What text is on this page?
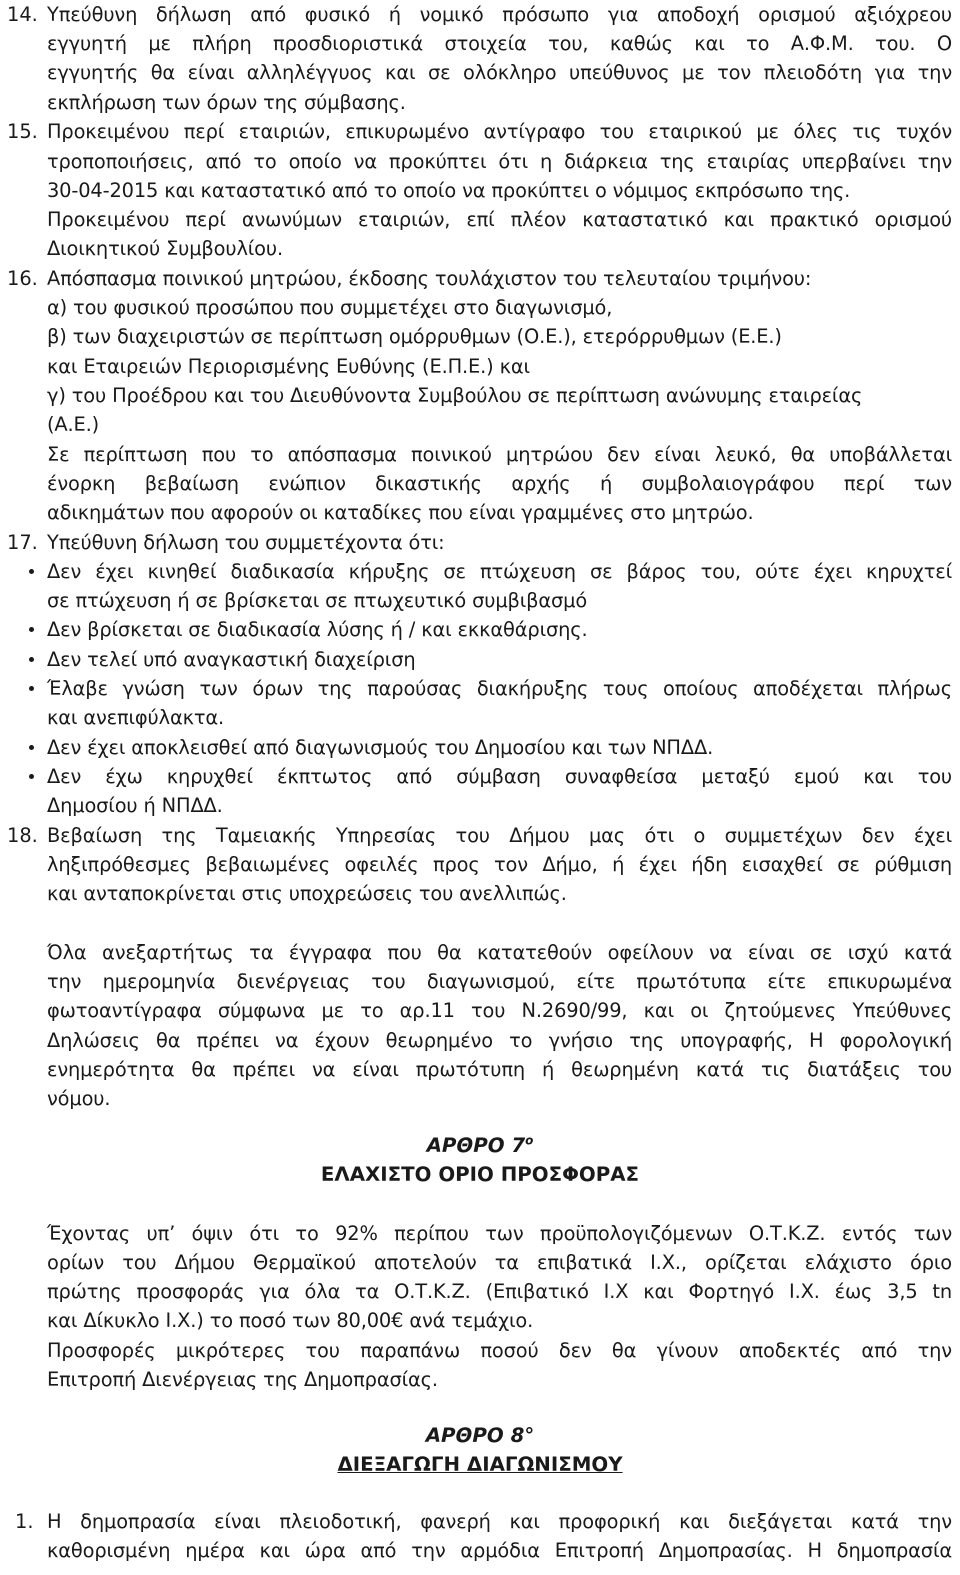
14. Υπεύθυνη δήλωση από φυσικό ή νομικό πρόσωπο για αποδοχή ορισμού αξιόχρεου
εγγυητή με πλήρη προσδιοριστικά στοιχεία του, καθώς και το Α.Φ.Μ. του. Ο
εγγυητής θα είναι αλληλέγγυος και σε ολόκληρο υπεύθυνος με τον πλειοδότη για την
εκπλήρωση των όρων της σύμβασης.
15. Προκειμένου περί εταιριών, επικυρωμένο αντίγραφο του εταιρικού με όλες τις τυχόν
τροποποιήσεις, από το οποίο να προκύπτει ότι η διάρκεια της εταιρίας υπερβαίνει την
30-04-2015 και καταστατικό από το οποίο να προκύπτει ο νόμιμος εκπρόσωπο της.
Προκειμένου περί ανωνύμων εταιριών, επί πλέον καταστατικό και πρακτικό ορισμού
Διοικητικού Συμβουλίου.
16. Απόσπασμα ποινικού μητρώου, έκδοσης τουλάχιστον του τελευταίου τριμήνου:
α) του φυσικού προσώπου που συμμετέχει στο διαγωνισμό,
β) των διαχειριστών σε περίπτωση ομόρρυθμων (Ο.Ε.), ετερόρρυθμων (Ε.Ε.)
και Εταιρειών Περιορισμένης Ευθύνης (Ε.Π.Ε.) και
γ) του Προέδρου και του Διευθύνοντα Συμβούλου σε περίπτωση ανώνυμης εταιρείας
(Α.Ε.)
Σε περίπτωση που το απόσπασμα ποινικού μητρώου δεν είναι λευκό, θα υποβάλλεται
ένορκη βεβαίωση ενώπιον δικαστικής αρχής ή συμβολαιογράφου περί των
αδικημάτων που αφορούν οι καταδίκες που είναι γραμμένες στο μητρώο.
17. Υπεύθυνη δήλωση του συμμετέχοντα ότι:
Δεν έχει κινηθεί διαδικασία κήρυξης σε πτώχευση σε βάρος του, ούτε έχει κηρυχτεί
σε πτώχευση ή σε βρίσκεται σε πτωχευτικό συμβιβασμό
Δεν βρίσκεται σε διαδικασία λύσης ή / και εκκαθάρισης.
Δεν τελεί υπό αναγκαστική διαχείριση
Έλαβε γνώση των όρων της παρούσας διακήρυξης τους οποίους αποδέχεται πλήρως
και ανεπιφύλακτα.
Δεν έχει αποκλεισθεί από διαγωνισμούς του Δημοσίου και των ΝΠΔΔ.
Δεν έχω κηρυχθεί έκπτωτος από σύμβαση συναφθείσα μεταξύ εμού και του
Δημοσίου ή ΝΠΔΔ.
18. Βεβαίωση της Ταμειακής Υπηρεσίας του Δήμου μας ότι ο συμμετέχων δεν έχει
ληξιπρόθεσμες βεβαιωμένες οφειλές προς τον Δήμο, ή έχει ήδη εισαχθεί σε ρύθμιση
και ανταποκρίνεται στις υποχρεώσεις του ανελλιπώς.
Όλα ανεξαρτήτως τα έγγραφα που θα κατατεθούν οφείλουν να είναι σε ισχύ κατά
την ημερομηνία διενέργειας του διαγωνισμού, είτε πρωτότυπα είτε επικυρωμένα
φωτοαντίγραφα σύμφωνα με το αρ.11 του Ν.2690/99, και οι ζητούμενες Υπεύθυνες
Δηλώσεις θα πρέπει να έχουν θεωρημένο το γνήσιο της υπογραφής, Η φορολογική
ενημερότητα θα πρέπει να είναι πρωτότυπη ή θεωρημένη κατά τις διατάξεις του
νόμου.
ΑΡΘΡΟ $7^o$
ΕΛΑΧΙΣΤΟ ΟΡΙΟ ΠΡΟΣΦΟΡΑΣ
Έχοντας υπ’ όψιν ότι το 92% περίπου των προϋπολογιζόμενων Ο.Τ.Κ.Ζ. εντός των
ορίων του Δήμου Θερμαϊκού αποτελούν τα επιβατικά Ι.Χ., ορίζεται ελάχιστο όριο
πρώτης προσφοράς για όλα τα Ο.Τ.Κ.Ζ. (Επιβατικό Ι.Χ και Φορτηγό Ι.Χ. έως 3,5 tn
και Δίκυκλο Ι.Χ.) το ποσό των 80,00€ ανά τεμάχιο.
Προσφορές μικρότερες του παραπάνω ποσού δεν θα γίνουν αποδεκτές από την
Επιτροπή Διενέργειας της Δημοπρασίας.
ΑΡΘΡΟ 8°
ΔΙΕΞΑΓΩΓΗ ΔΙΑΓΩΝΙΣΜΟΥ
1. Η δημοπρασία είναι πλειοδοτική, φανερή και προφορική και διεξάγεται κατά την
καθορισμένη ημέρα και ώρα από την αρμόδια Επιτροπή Δημοπρασίας. Η δημοπρασία
